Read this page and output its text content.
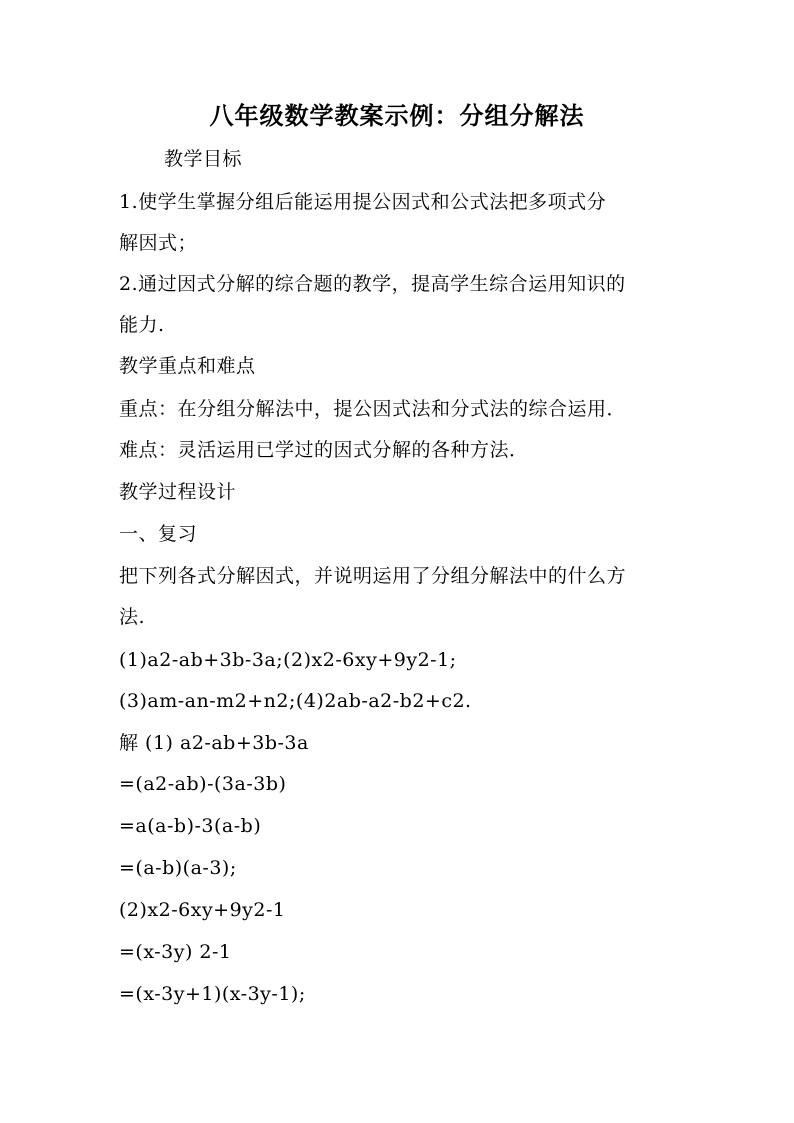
八年级数学教案示例：分组分解法
教学目标
1.使学生掌握分组后能运用提公因式和公式法把多项式分
解因式；
2.通过因式分解的综合题的教学，提高学生综合运用知识的
能力.
教学重点和难点
重点：在分组分解法中，提公因式法和分式法的综合运用．
难点：灵活运用已学过的因式分解的各种方法．
教学过程设计
一、复习
把下列各式分解因式，并说明运用了分组分解法中的什么方
法.
(1)a2-ab+3b-3a;(2)x2-6xy+9y2-1;
(3)am-an-m2+n2;(4)2ab-a2-b2+c2.
解 (1) a2-ab+3b-3a
=(a2-ab)-(3a-3b)
=a(a-b)-3(a-b)
=(a-b)(a-3);
(2)x2-6xy+9y2-1
=(x-3y) 2-1
=(x-3y+1)(x-3y-1);
